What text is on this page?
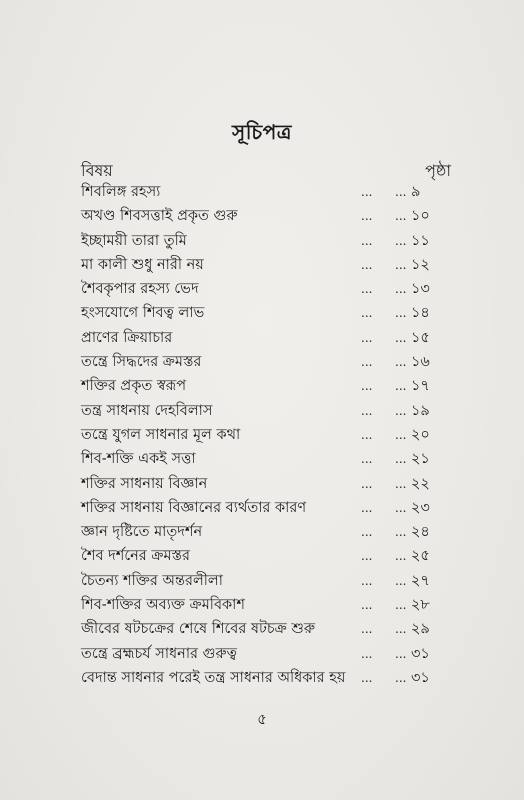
সূচিপত্র
বিষয়	পৃষ্ঠা
শিবলিঙ্গ রহস্য	... ... ৯
অখণ্ড শিবসত্তাই প্রকৃত গুরু	... ... ১০
ইচ্ছাময়ী তারা তুমি	... ... ১১
মা কালী শুধু নারী নয়	... ... ১২
শৈবকৃপার রহস্য ভেদ	... ... ১৩
হংসযোগে শিবত্ব লাভ	... ... ১৪
প্রাণের ক্রিয়াচার	... ... ১৫
তন্ত্রে সিদ্ধদের ক্রমস্তর	... ... ১৬
শক্তির প্রকৃত স্বরূপ	... ... ১৭
তন্ত্র সাধনায় দেহবিলাস	... ... ১৯
তন্ত্রে যুগল সাধনার মূল কথা	... ... ২০
শিব-শক্তি একই সত্তা	... ... ২১
শক্তির সাধনায় বিজ্ঞান	... ... ২২
শক্তির সাধনায় বিজ্ঞানের ব্যর্থতার কারণ	... ... ২৩
জ্ঞান দৃষ্টিতে মাতৃদর্শন	... ... ২৪
শৈব দর্শনের ক্রমস্তর	... ... ২৫
চৈতন্য শক্তির অন্তরলীলা	... ... ২৭
শিব-শক্তির অব্যক্ত ক্রমবিকাশ	... ... ২৮
জীবের ষটচক্রের শেষে শিবের ষটচক্র শুরু	... ... ২৯
তন্ত্রে ব্রহ্মচর্য সাধনার গুরুত্ব	... ... ৩১
বেদান্ত সাধনার পরেই তন্ত্র সাধনার অধিকার হয় ... ... ৩১
৫
